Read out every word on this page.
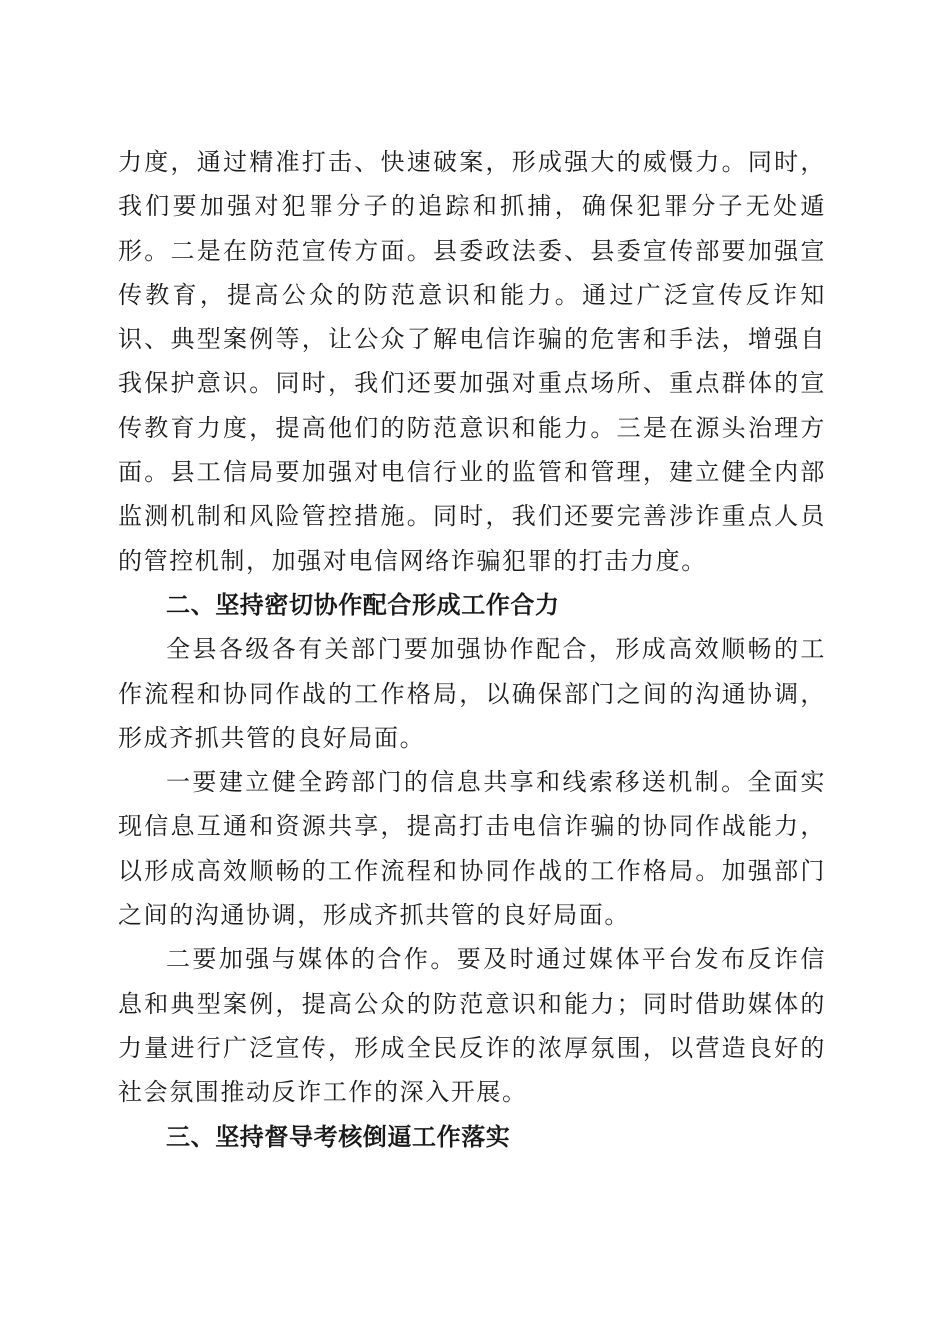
力度，通过精准打击、快速破案，形成强大的威慑力。同时，我们要加强对犯罪分子的追踪和抓捕，确保犯罪分子无处遁形。二是在防范宣传方面。县委政法委、县委宣传部要加强宣传教育，提高公众的防范意识和能力。通过广泛宣传反诈知识、典型案例等，让公众了解电信诈骗的危害和手法，增强自我保护意识。同时，我们还要加强对重点场所、重点群体的宣传教育力度，提高他们的防范意识和能力。三是在源头治理方面。县工信局要加强对电信行业的监管和管理，建立健全内部监测机制和风险管控措施。同时，我们还要完善涉诈重点人员的管控机制，加强对电信网络诈骗犯罪的打击力度。

二、坚持密切协作配合形成工作合力

全县各级各有关部门要加强协作配合，形成高效顺畅的工作流程和协同作战的工作格局，以确保部门之间的沟通协调，形成齐抓共管的良好局面。

一要建立健全跨部门的信息共享和线索移送机制。全面实现信息互通和资源共享，提高打击电信诈骗的协同作战能力，以形成高效顺畅的工作流程和协同作战的工作格局。加强部门之间的沟通协调，形成齐抓共管的良好局面。

二要加强与媒体的合作。要及时通过媒体平台发布反诈信息和典型案例，提高公众的防范意识和能力；同时借助媒体的力量进行广泛宣传，形成全民反诈的浓厚氛围，以营造良好的社会氛围推动反诈工作的深入开展。

三、坚持督导考核倒逼工作落实
